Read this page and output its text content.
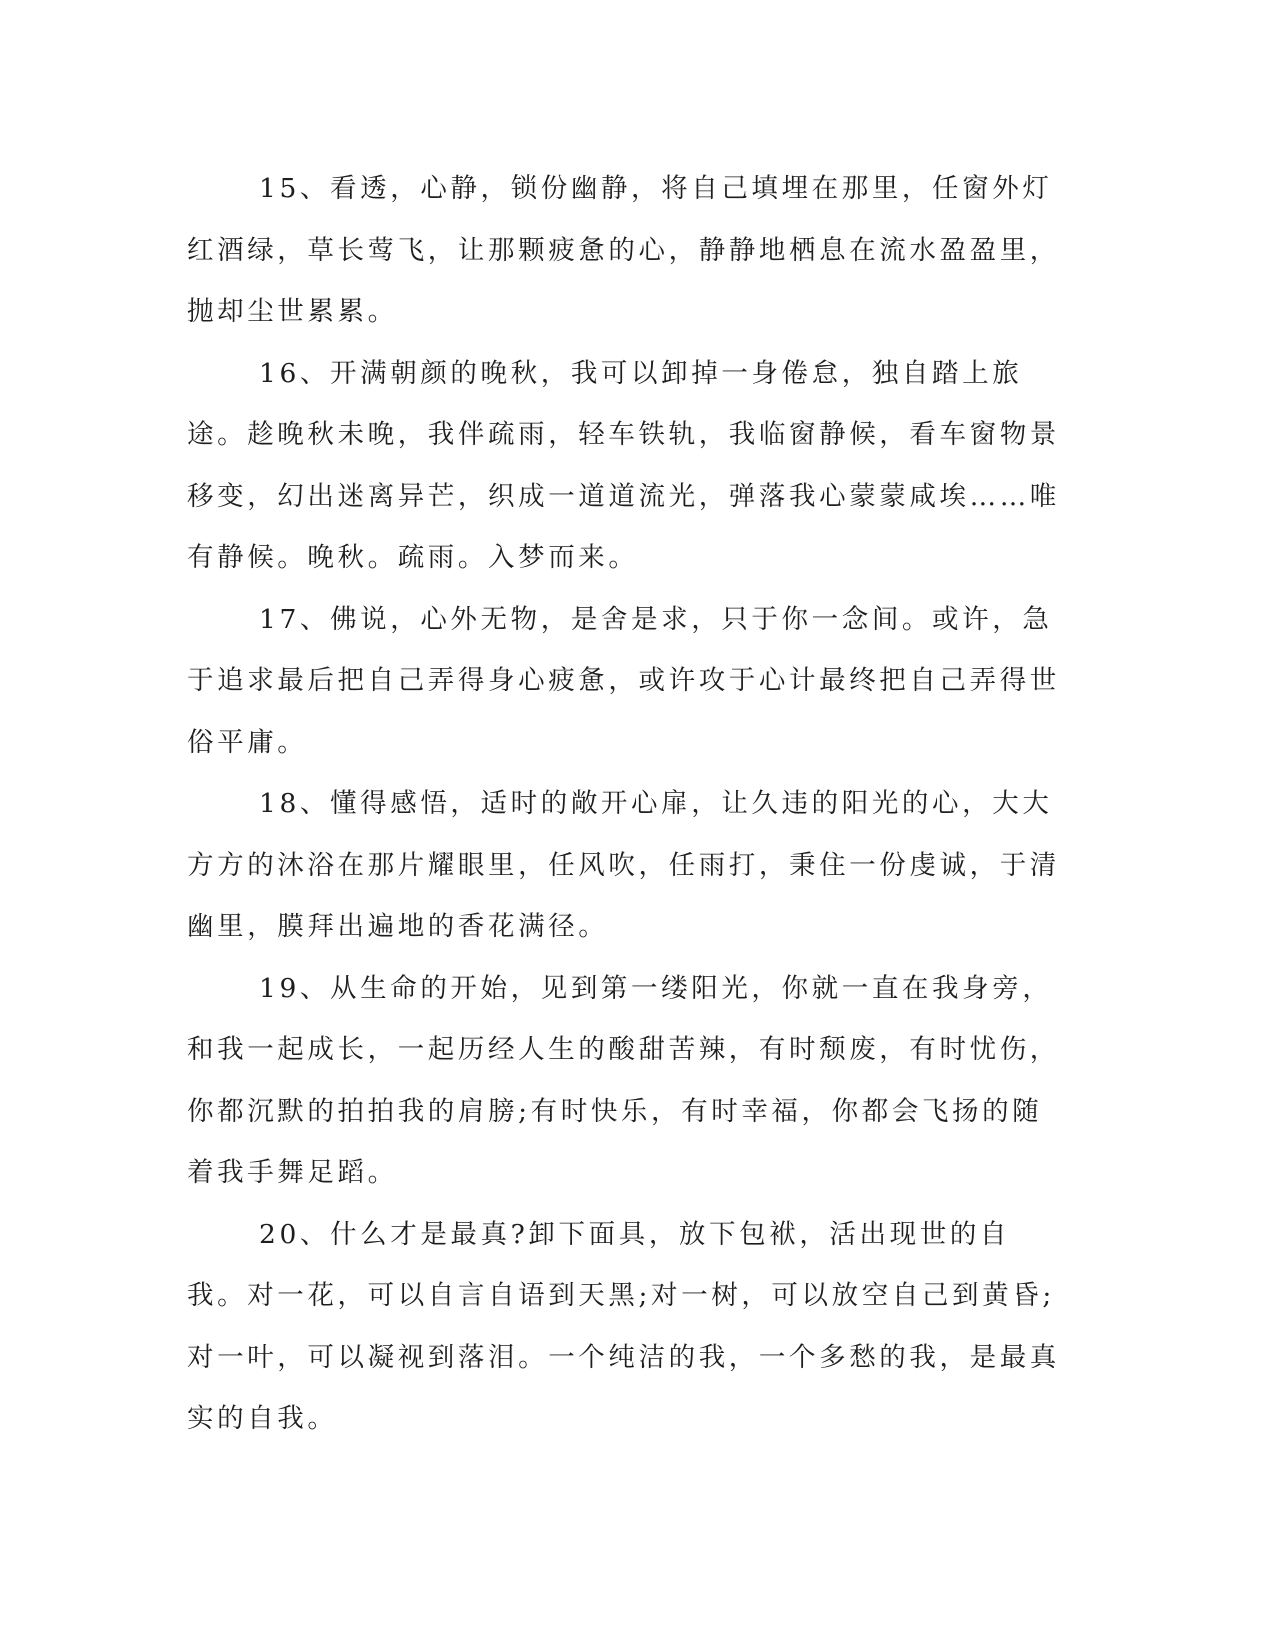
15、看透，心静，锁份幽静，将自己填埋在那里，任窗外灯红酒绿，草长莺飞，让那颗疲惫的心，静静地栖息在流水盈盈里，抛却尘世累累。

16、开满朝颜的晚秋，我可以卸掉一身倦怠，独自踏上旅途。趁晚秋未晚，我伴疏雨，轻车铁轨，我临窗静候，看车窗物景移变，幻出迷离异芒，织成一道道流光，弹落我心蒙蒙咸埃……唯有静候。晚秋。疏雨。入梦而来。

17、佛说，心外无物，是舍是求，只于你一念间。或许，急于追求最后把自己弄得身心疲惫，或许攻于心计最终把自己弄得世俗平庸。

18、懂得感悟，适时的敞开心扉，让久违的阳光的心，大大方方的沐浴在那片耀眼里，任风吹，任雨打，秉住一份虔诚，于清幽里，膜拜出遍地的香花满径。

19、从生命的开始，见到第一缕阳光，你就一直在我身旁，和我一起成长，一起历经人生的酸甜苦辣，有时颓废，有时忧伤，你都沉默的拍拍我的肩膀;有时快乐，有时幸福，你都会飞扬的随着我手舞足蹈。

20、什么才是最真?卸下面具，放下包袱，活出现世的自我。对一花，可以自言自语到天黑;对一树，可以放空自己到黄昏;对一叶，可以凝视到落泪。一个纯洁的我，一个多愁的我，是最真实的自我。
